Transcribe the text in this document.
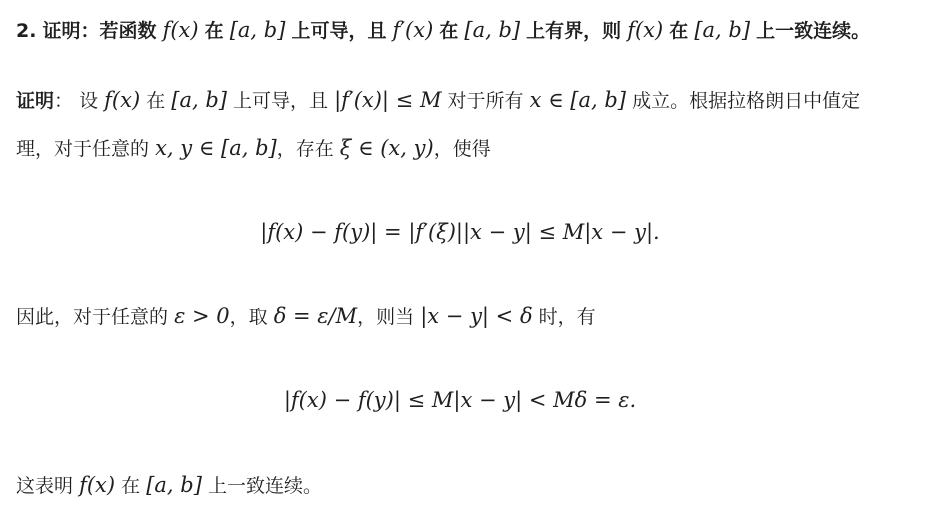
2. 证明：若函数 f(x) 在 [a, b] 上可导，且 f′(x) 在 [a, b] 上有界，则 f(x) 在 [a, b] 上一致连续。
证明： 设 f(x) 在 [a, b] 上可导，且 |f′(x)| ≤ M 对于所有 x ∈ [a, b] 成立。根据拉格朗日中值定
理，对于任意的 x, y ∈ [a, b]，存在 ξ ∈ (x, y)，使得
|f(x) − f(y)| = |f′(ξ)||x − y| ≤ M|x − y|.
因此，对于任意的 ε > 0，取 δ = ε/M，则当 |x − y| < δ 时，有
|f(x) − f(y)| ≤ M|x − y| < Mδ = ε.
这表明 f(x) 在 [a, b] 上一致连续。
